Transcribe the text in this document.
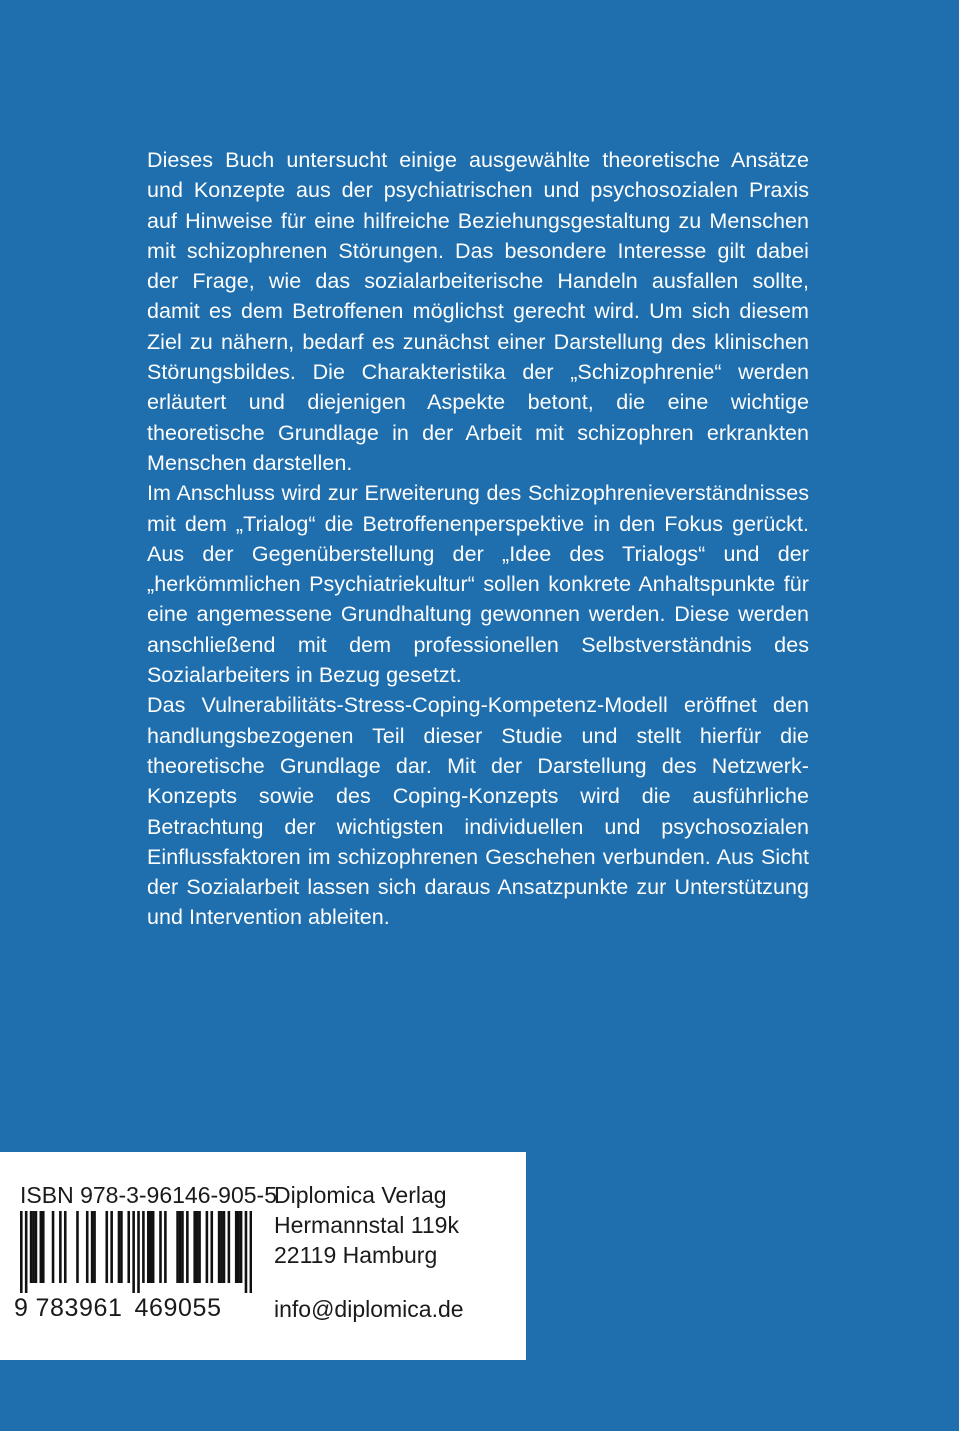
Dieses Buch untersucht einige ausgewählte theoretische Ansätze und Konzepte aus der psychiatrischen und psychosozialen Praxis auf Hinweise für eine hilfreiche Beziehungsgestaltung zu Menschen mit schizophrenen Störungen. Das besondere Interesse gilt dabei der Frage, wie das sozialarbeiterische Handeln ausfallen sollte, damit es dem Betroffenen möglichst gerecht wird. Um sich diesem Ziel zu nähern, bedarf es zunächst einer Darstellung des klinischen Störungsbildes. Die Charakteristika der „Schizophrenie“ werden erläutert und diejenigen Aspekte betont, die eine wichtige theoretische Grundlage in der Arbeit mit schizophren erkrankten Menschen darstellen.

Im Anschluss wird zur Erweiterung des Schizophrenieverständnisses mit dem „Trialog“ die Betroffenenperspektive in den Fokus gerückt. Aus der Gegenüberstellung der „Idee des Trialogs“ und der „herkömmlichen Psychiatriekultur“ sollen konkrete Anhaltspunkte für eine angemessene Grundhaltung gewonnen werden. Diese werden anschließend mit dem professionellen Selbstverständnis des Sozialarbeiters in Bezug gesetzt.

Das Vulnerabilitäts-Stress-Coping-Kompetenz-Modell eröffnet den handlungsbezogenen Teil dieser Studie und stellt hierfür die theoretische Grundlage dar. Mit der Darstellung des Netzwerk-Konzepts sowie des Coping-Konzepts wird die ausführliche Betrachtung der wichtigsten individuellen und psychosozialen Einflussfaktoren im schizophrenen Geschehen verbunden. Aus Sicht der Sozialarbeit lassen sich daraus Ansatzpunkte zur Unterstützung und Intervention ableiten.

ISBN 978-3-96146-905-5
9 783961 469055
Diplomica Verlag
Hermannstal 119k
22119 Hamburg
info@diplomica.de
